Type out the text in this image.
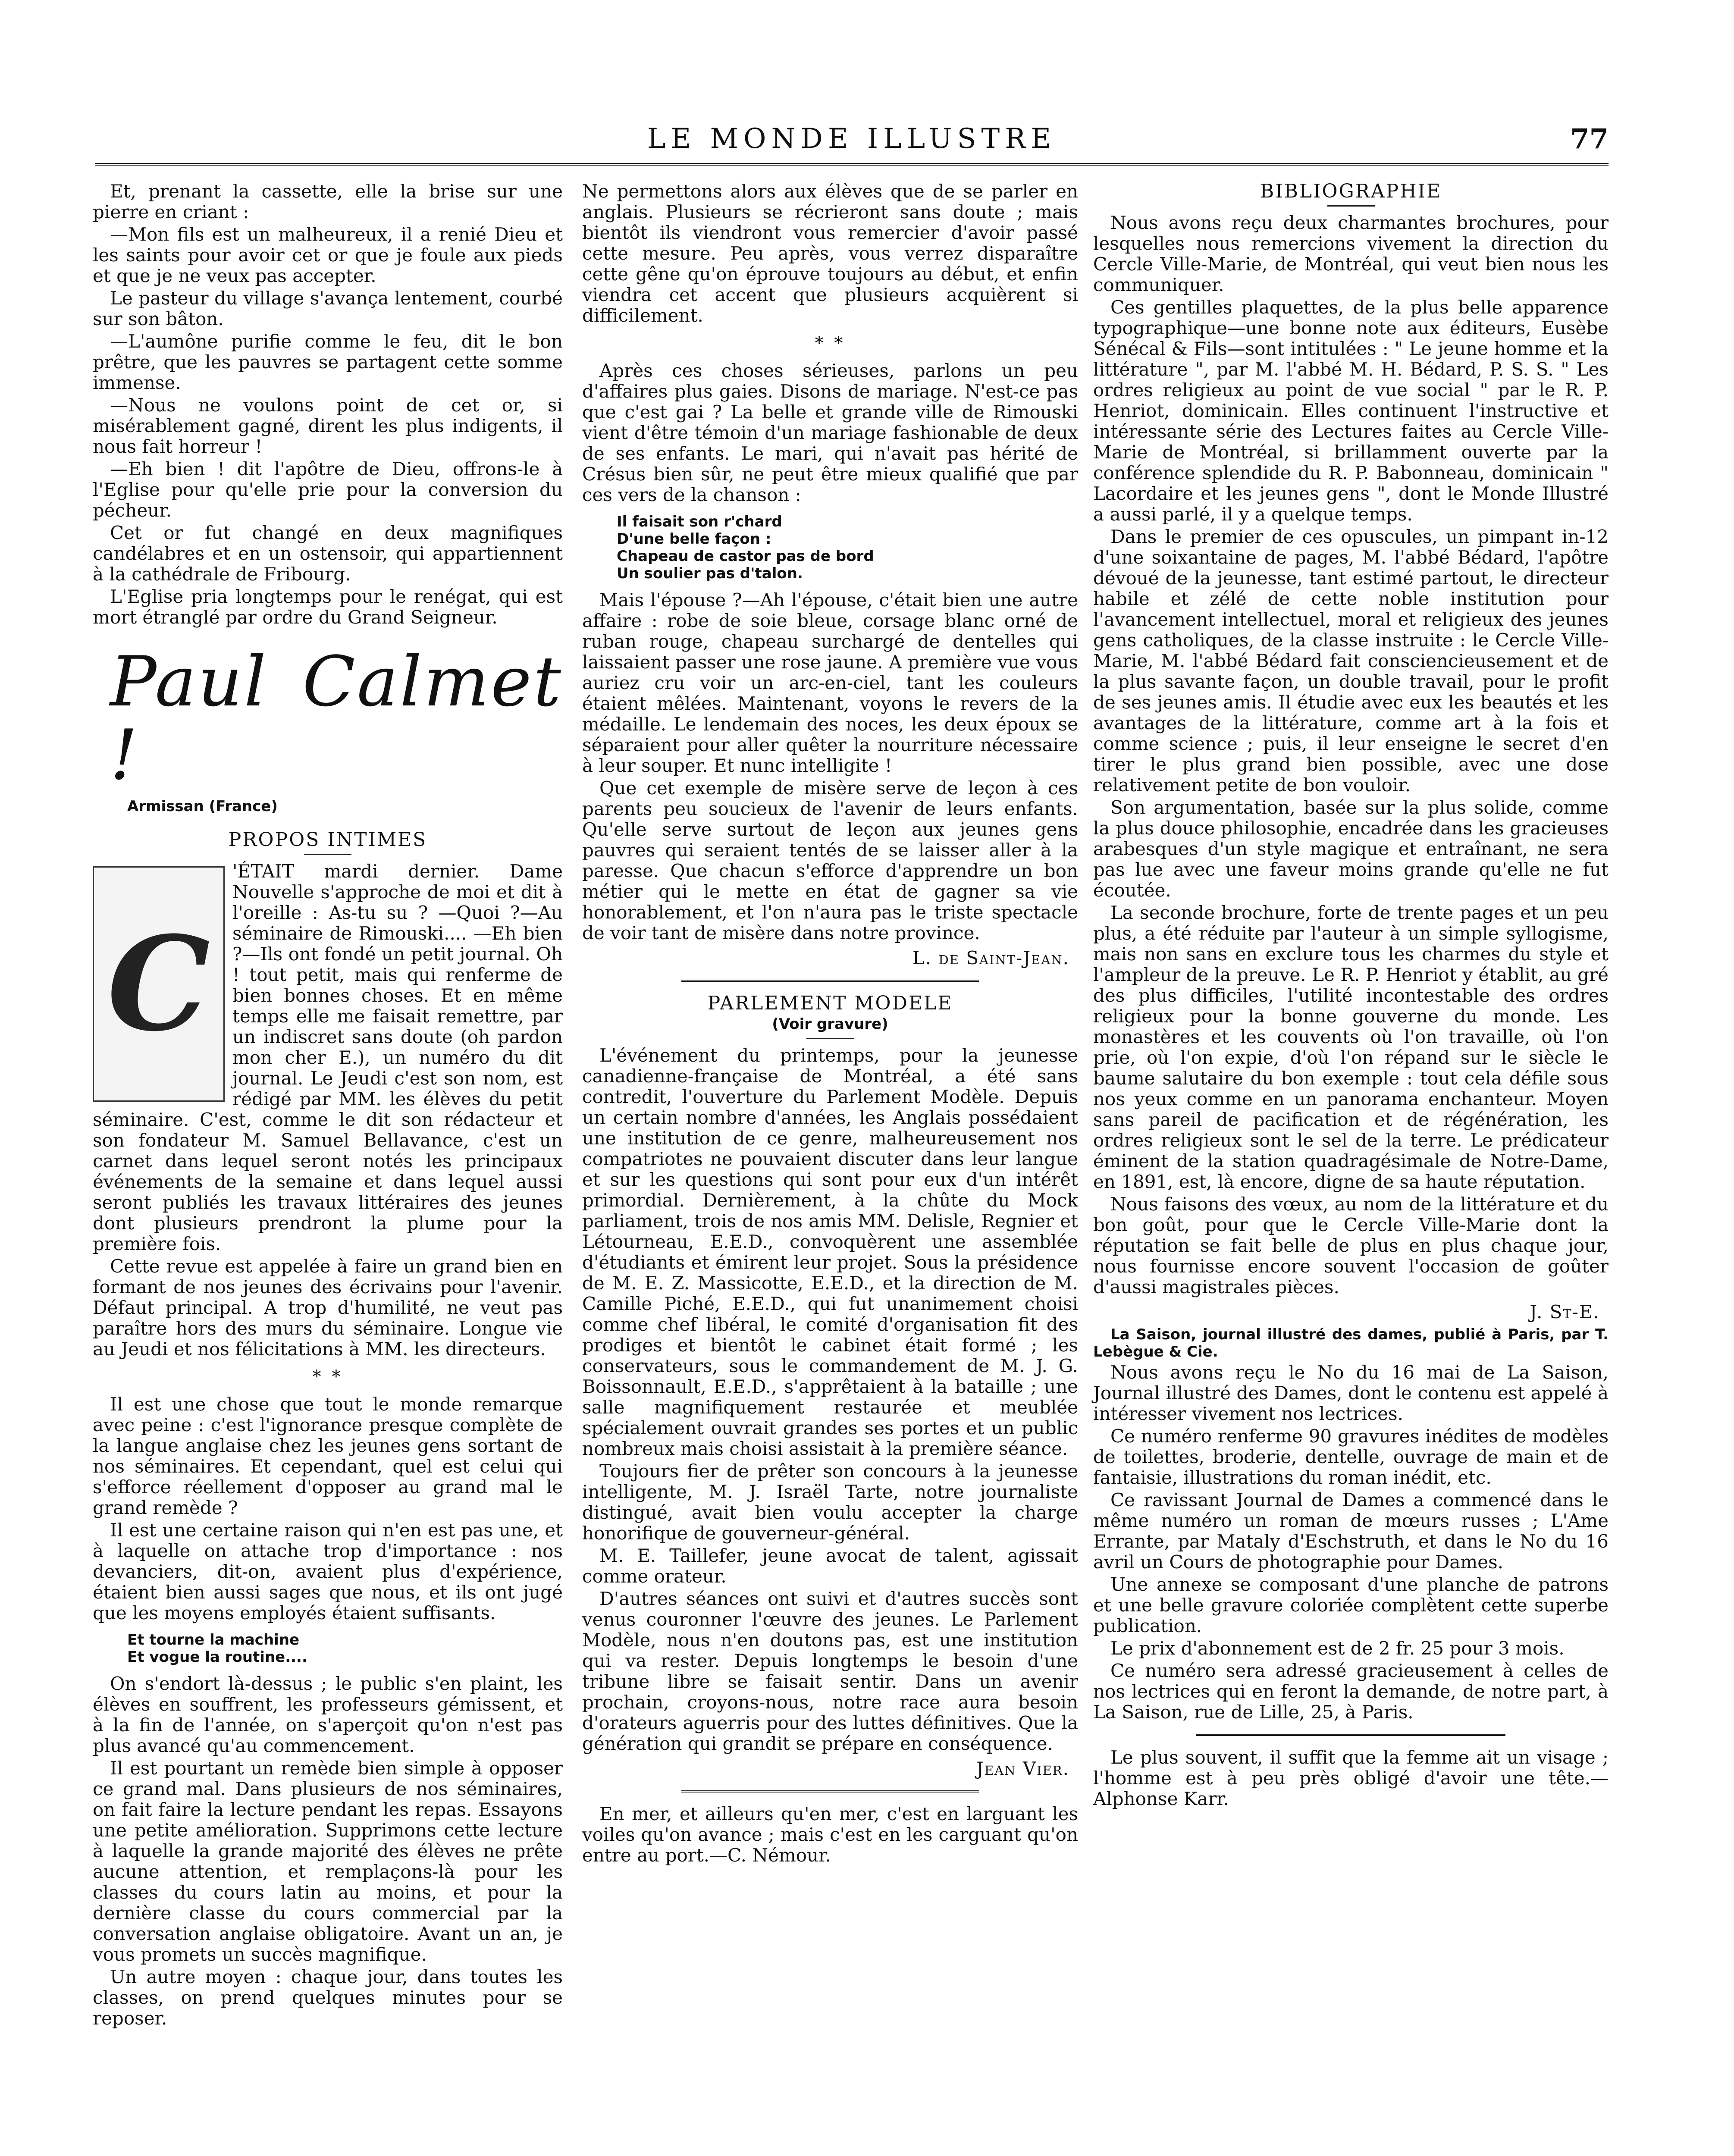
LE MONDE ILLUSTRE	77

Et, prenant la cassette, elle la brise sur une pierre en criant :

—Mon fils est un malheureux, il a renié Dieu et les saints pour avoir cet or que je foule aux pieds et que je ne veux pas accepter.

Le pasteur du village s'avança lentement, courbé sur son bâton.

—L'aumône purifie comme le feu, dit le bon prêtre, que les pauvres se partagent cette somme immense.

—Nous ne voulons point de cet or, si misérablement gagné, dirent les plus indigents, il nous fait horreur !

—Eh bien ! dit l'apôtre de Dieu, offrons-le à l'Eglise pour qu'elle prie pour la conversion du pécheur.

Cet or fut changé en deux magnifiques candélabres et en un ostensoir, qui appartiennent à la cathédrale de Fribourg.

L'Eglise pria longtemps pour le renégat, qui est mort étranglé par ordre du Grand Seigneur.

Paul Calmet !
Armissan (France)
PROPOS INTIMES
C

'ÉTAIT mardi dernier. Dame Nouvelle s'approche de moi et dit à l'oreille : As-tu su ? —Quoi ?—Au séminaire de Rimouski.... —Eh bien ?—Ils ont fondé un petit journal. Oh ! tout petit, mais qui renferme de bien bonnes choses. Et en même temps elle me faisait remettre, par un indiscret sans doute (oh pardon mon cher E.), un numéro du dit journal. Le Jeudi c'est son nom, est rédigé par MM. les élèves du petit séminaire. C'est, comme le dit son rédacteur et son fondateur M. Samuel Bellavance, c'est un carnet dans lequel seront notés les principaux événements de la semaine et dans lequel aussi seront publiés les travaux littéraires des jeunes dont plusieurs prendront la plume pour la première fois.

Cette revue est appelée à faire un grand bien en formant de nos jeunes des écrivains pour l'avenir. Défaut principal. A trop d'humilité, ne veut pas paraître hors des murs du séminaire. Longue vie au Jeudi et nos félicitations à MM. les directeurs.

* *

Il est une chose que tout le monde remarque avec peine : c'est l'ignorance presque complète de la langue anglaise chez les jeunes gens sortant de nos séminaires. Et cependant, quel est celui qui s'efforce réellement d'opposer au grand mal le grand remède ?

Il est une certaine raison qui n'en est pas une, et à laquelle on attache trop d'importance : nos devanciers, dit-on, avaient plus d'expérience, étaient bien aussi sages que nous, et ils ont jugé que les moyens employés étaient suffisants.

Et tourne la machine
Et vogue la routine....

On s'endort là-dessus ; le public s'en plaint, les élèves en souffrent, les professeurs gémissent, et à la fin de l'année, on s'aperçoit qu'on n'est pas plus avancé qu'au commencement.

Il est pourtant un remède bien simple à opposer ce grand mal. Dans plusieurs de nos séminaires, on fait faire la lecture pendant les repas. Essayons une petite amélioration. Supprimons cette lecture à laquelle la grande majorité des élèves ne prête aucune attention, et remplaçons-là pour les classes du cours latin au moins, et pour la dernière classe du cours commercial par la conversation anglaise obligatoire. Avant un an, je vous promets un succès magnifique.

Un autre moyen : chaque jour, dans toutes les classes, on prend quelques minutes pour se reposer.

Ne permettons alors aux élèves que de se parler en anglais. Plusieurs se récrieront sans doute ; mais bientôt ils viendront vous remercier d'avoir passé cette mesure. Peu après, vous verrez disparaître cette gêne qu'on éprouve toujours au début, et enfin viendra cet accent que plusieurs acquièrent si difficilement.

* *

Après ces choses sérieuses, parlons un peu d'affaires plus gaies. Disons de mariage. N'est-ce pas que c'est gai ? La belle et grande ville de Rimouski vient d'être témoin d'un mariage fashionable de deux de ses enfants. Le mari, qui n'avait pas hérité de Crésus bien sûr, ne peut être mieux qualifié que par ces vers de la chanson :

Il faisait son r'chard
D'une belle façon :
Chapeau de castor pas de bord
Un soulier pas d'talon.

Mais l'épouse ?—Ah l'épouse, c'était bien une autre affaire : robe de soie bleue, corsage blanc orné de ruban rouge, chapeau surchargé de dentelles qui laissaient passer une rose jaune. A première vue vous auriez cru voir un arc-en-ciel, tant les couleurs étaient mêlées. Maintenant, voyons le revers de la médaille. Le lendemain des noces, les deux époux se séparaient pour aller quêter la nourriture nécessaire à leur souper. Et nunc intelligite !

Que cet exemple de misère serve de leçon à ces parents peu soucieux de l'avenir de leurs enfants. Qu'elle serve surtout de leçon aux jeunes gens pauvres qui seraient tentés de se laisser aller à la paresse. Que chacun s'efforce d'apprendre un bon métier qui le mette en état de gagner sa vie honorablement, et l'on n'aura pas le triste spectacle de voir tant de misère dans notre province.

L. de Saint-Jean.
PARLEMENT MODELE
(Voir gravure)

L'événement du printemps, pour la jeunesse canadienne-française de Montréal, a été sans contredit, l'ouverture du Parlement Modèle. Depuis un certain nombre d'années, les Anglais possédaient une institution de ce genre, malheureusement nos compatriotes ne pouvaient discuter dans leur langue et sur les questions qui sont pour eux d'un intérêt primordial. Dernièrement, à la chûte du Mock parliament, trois de nos amis MM. Delisle, Regnier et Létourneau, E.E.D., convoquèrent une assemblée d'étudiants et émirent leur projet. Sous la présidence de M. E. Z. Massicotte, E.E.D., et la direction de M. Camille Piché, E.E.D., qui fut unanimement choisi comme chef libéral, le comité d'organisation fit des prodiges et bientôt le cabinet était formé ; les conservateurs, sous le commandement de M. J. G. Boissonnault, E.E.D., s'apprêtaient à la bataille ; une salle magnifiquement restaurée et meublée spécialement ouvrait grandes ses portes et un public nombreux mais choisi assistait à la première séance.

Toujours fier de prêter son concours à la jeunesse intelligente, M. J. Israël Tarte, notre journaliste distingué, avait bien voulu accepter la charge honorifique de gouverneur-général.

M. E. Taillefer, jeune avocat de talent, agissait comme orateur.

D'autres séances ont suivi et d'autres succès sont venus couronner l'œuvre des jeunes. Le Parlement Modèle, nous n'en doutons pas, est une institution qui va rester. Depuis longtemps le besoin d'une tribune libre se faisait sentir. Dans un avenir prochain, croyons-nous, notre race aura besoin d'orateurs aguerris pour des luttes définitives. Que la génération qui grandit se prépare en conséquence.

Jean Vier.

En mer, et ailleurs qu'en mer, c'est en larguant les voiles qu'on avance ; mais c'est en les carguant qu'on entre au port.—C. Némour.

BIBLIOGRAPHIE

Nous avons reçu deux charmantes brochures, pour lesquelles nous remercions vivement la direction du Cercle Ville-Marie, de Montréal, qui veut bien nous les communiquer.

Ces gentilles plaquettes, de la plus belle apparence typographique—une bonne note aux éditeurs, Eusèbe Sénécal & Fils—sont intitulées : " Le jeune homme et la littérature ", par M. l'abbé M. H. Bédard, P. S. S. " Les ordres religieux au point de vue social " par le R. P. Henriot, dominicain. Elles continuent l'instructive et intéressante série des Lectures faites au Cercle Ville-Marie de Montréal, si brillamment ouverte par la conférence splendide du R. P. Babonneau, dominicain " Lacordaire et les jeunes gens ", dont le Monde Illustré a aussi parlé, il y a quelque temps.

Dans le premier de ces opuscules, un pimpant in-12 d'une soixantaine de pages, M. l'abbé Bédard, l'apôtre dévoué de la jeunesse, tant estimé partout, le directeur habile et zélé de cette noble institution pour l'avancement intellectuel, moral et religieux des jeunes gens catholiques, de la classe instruite : le Cercle Ville-Marie, M. l'abbé Bédard fait consciencieusement et de la plus savante façon, un double travail, pour le profit de ses jeunes amis. Il étudie avec eux les beautés et les avantages de la littérature, comme art à la fois et comme science ; puis, il leur enseigne le secret d'en tirer le plus grand bien possible, avec une dose relativement petite de bon vouloir.

Son argumentation, basée sur la plus solide, comme la plus douce philosophie, encadrée dans les gracieuses arabesques d'un style magique et entraînant, ne sera pas lue avec une faveur moins grande qu'elle ne fut écoutée.

La seconde brochure, forte de trente pages et un peu plus, a été réduite par l'auteur à un simple syllogisme, mais non sans en exclure tous les charmes du style et l'ampleur de la preuve. Le R. P. Henriot y établit, au gré des plus difficiles, l'utilité incontestable des ordres religieux pour la bonne gouverne du monde. Les monastères et les couvents où l'on travaille, où l'on prie, où l'on expie, d'où l'on répand sur le siècle le baume salutaire du bon exemple : tout cela défile sous nos yeux comme en un panorama enchanteur. Moyen sans pareil de pacification et de régénération, les ordres religieux sont le sel de la terre. Le prédicateur éminent de la station quadragésimale de Notre-Dame, en 1891, est, là encore, digne de sa haute réputation.

Nous faisons des vœux, au nom de la littérature et du bon goût, pour que le Cercle Ville-Marie dont la réputation se fait belle de plus en plus chaque jour, nous fournisse encore souvent l'occasion de goûter d'aussi magistrales pièces.

J. St-E.

La Saison, journal illustré des dames, publié à Paris, par T. Lebègue & Cie.

Nous avons reçu le No du 16 mai de La Saison, Journal illustré des Dames, dont le contenu est appelé à intéresser vivement nos lectrices.

Ce numéro renferme 90 gravures inédites de modèles de toilettes, broderie, dentelle, ouvrage de main et de fantaisie, illustrations du roman inédit, etc.

Ce ravissant Journal de Dames a commencé dans le même numéro un roman de mœurs russes ; L'Ame Errante, par Mataly d'Eschstruth, et dans le No du 16 avril un Cours de photographie pour Dames.

Une annexe se composant d'une planche de patrons et une belle gravure coloriée complètent cette superbe publication.

Le prix d'abonnement est de 2 fr. 25 pour 3 mois.

Ce numéro sera adressé gracieusement à celles de nos lectrices qui en feront la demande, de notre part, à La Saison, rue de Lille, 25, à Paris.

Le plus souvent, il suffit que la femme ait un visage ; l'homme est à peu près obligé d'avoir une tête.—Alphonse Karr.
